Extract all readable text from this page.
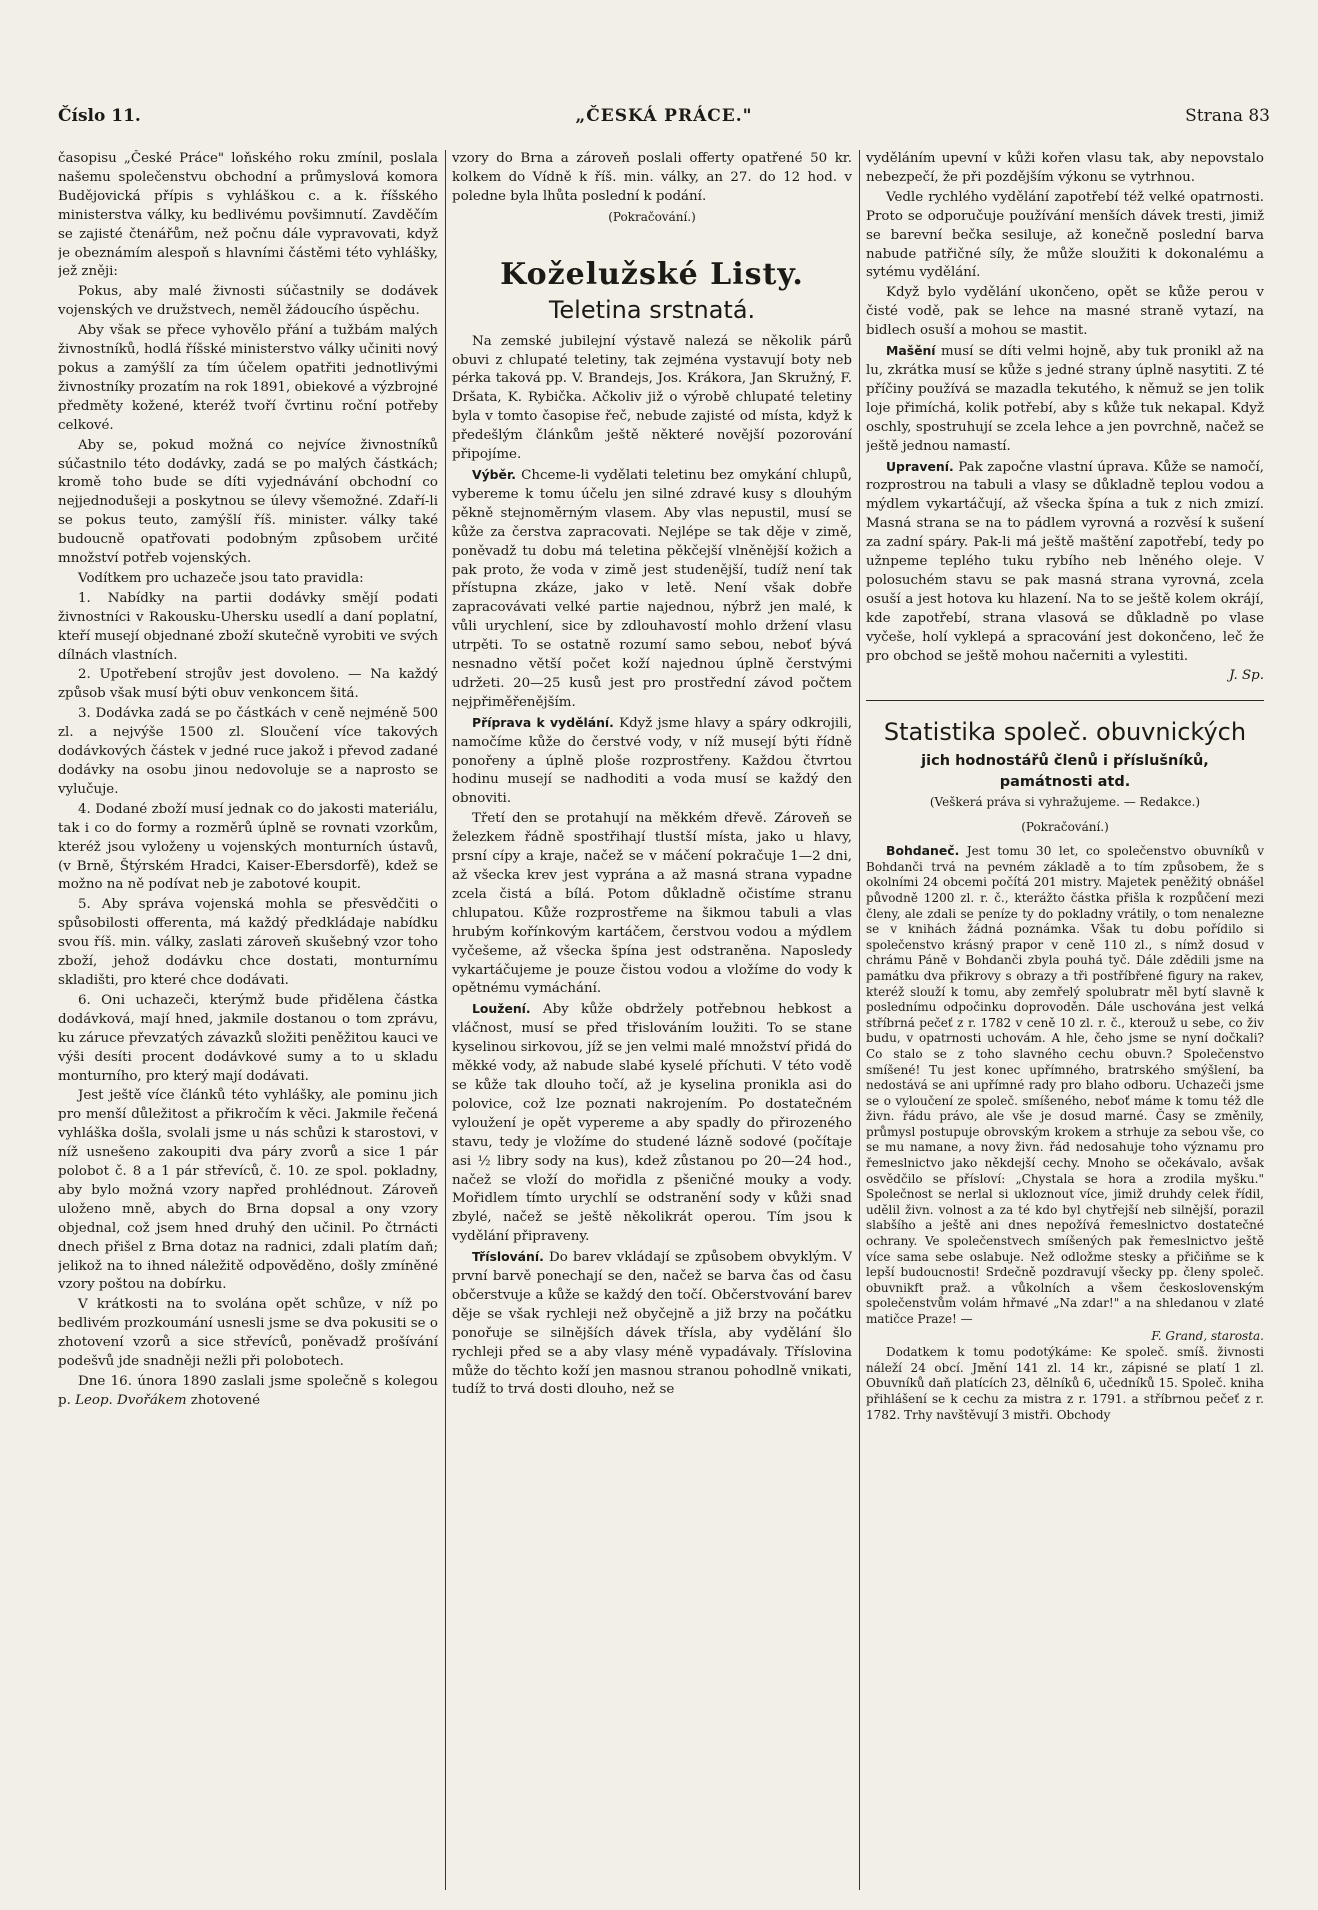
Číslo 11.	„ČESKÁ PRÁCE."	Strana 83

časopisu „České Práce" loňského roku zmínil, poslala našemu společenstvu obchodní a průmyslová komora Budějovická přípis s vyhláškou c. a k. říšského ministerstva války, ku bedlivému povšimnutí. Zavděčím se zajisté čtenářům, než počnu dále vypravovati, když je obeznámím alespoň s hlavními částěmi této vyhlášky, jež zněji:

Pokus, aby malé živnosti súčastnily se dodávek vojenských ve družstvech, neměl žádoucího úspěchu.

Aby však se přece vyhovělo přání a tužbám malých živnostníků, hodlá říšské ministerstvo války učiniti nový pokus a zamýšlí za tím účelem opatřiti jednotlivými živnostníky prozatím na rok 1891, obiekové a výzbrojné předměty kožené, kteréž tvoří čvrtinu roční potřeby celkové.

Aby se, pokud možná co nejvíce živnostníků súčastnilo této dodávky, zadá se po malých částkách; kromě toho bude se díti vyjednávání obchodní co nejjednodušeji a poskytnou se úlevy všemožné. Zdaří-li se pokus teuto, zamýšlí říš. minister. války také budoucně opatřovati podobným způsobem určité množství potřeb vojenských.

Vodítkem pro uchazeče jsou tato pravidla:

1. Nabídky na partii dodávky smějí podati živnostníci v Rakousku-Uhersku usedlí a daní poplatní, kteří musejí objednané zboží skutečně vyrobiti ve svých dílnách vlastních.

2. Upotřebení strojův jest dovoleno. — Na každý způsob však musí býti obuv venkoncem šitá.

3. Dodávka zadá se po částkách v ceně nejméně 500 zl. a nejvýše 1500 zl. Sloučení více takových dodávkových částek v jedné ruce jakož i převod zadané dodávky na osobu jinou nedovoluje se a naprosto se vylučuje.

4. Dodané zboží musí jednak co do jakosti materiálu, tak i co do formy a rozměrů úplně se rovnati vzorkům, kteréž jsou vyloženy u vojenských monturních ústavů, (v Brně, Štýrském Hradci, Kaiser-Ebersdorfě), kdež se možno na ně podívat neb je zabotové koupit.

5. Aby správa vojenská mohla se přesvědčiti o spůsobilosti offerenta, má každý předkládaje nabídku svou říš. min. války, zaslati zároveň skušebný vzor toho zboží, jehož dodávku chce dostati, monturnímu skladišti, pro které chce dodávati.

6. Oni uchazeči, kterýmž bude přidělena částka dodávková, mají hned, jakmile dostanou o tom zprávu, ku záruce převzatých závazků složiti peněžitou kauci ve výši desíti procent dodávkové sumy a to u skladu monturního, pro který mají dodávati.

Jest ještě více článků této vyhlášky, ale pominu jich pro menší důležitost a přikročím k věci. Jakmile řečená vyhláška došla, svolali jsme u nás schůzi k starostovi, v níž usnešeno zakoupiti dva páry zvorů a sice 1 pár polobot č. 8 a 1 pár střevíců, č. 10. ze spol. pokladny, aby bylo možná vzory napřed prohlédnout. Zároveň uloženo mně, abych do Brna dopsal a ony vzory objednal, což jsem hned druhý den učinil. Po čtrnácti dnech přišel z Brna dotaz na radnici, zdali platím daň; jelikož na to ihned náležitě odpověděno, došly zmíněné vzory poštou na dobírku.

V krátkosti na to svolána opět schůze, v níž po bedlivém prozkoumání usnesli jsme se dva pokusiti se o zhotovení vzorů a sice střevíců, poněvadž prošívání podešvů jde snadněji nežli při polobotech.

Dne 16. února 1890 zaslali jsme společně s kolegou p. Leop. Dvořákem zhotovené

vzory do Brna a zároveň poslali offerty opatřené 50 kr. kolkem do Vídně k říš. min. války, an 27. do 12 hod. v poledne byla lhůta poslední k podání.

(Pokračování.)

Koželužské Listy.
Teletina srstnatá.

Na zemské jubilejní výstavě nalezá se několik párů obuvi z chlupaté teletiny, tak zejména vystavují boty neb pérka taková pp. V. Brandejs, Jos. Krákora, Jan Skružný, F. Dršata, K. Rybička. Ačkoliv již o výrobě chlupaté teletiny byla v tomto časopise řeč, nebude zajisté od místa, když k předešlým článkům ještě některé novější pozorování připojíme.

Výběr. Chceme-li vydělati teletinu bez omykání chlupů, vybereme k tomu účelu jen silné zdravé kusy s dlouhým pěkně stejnoměrným vlasem. Aby vlas nepustil, musí se kůže za čerstva zapracovati. Nejlépe se tak děje v zimě, poněvadž tu dobu má teletina pěkčejší vlněnější kožich a pak proto, že voda v zimě jest studenější, tudíž není tak přístupna zkáze, jako v letě. Není však dobře zapracovávati velké partie najednou, nýbrž jen malé, k vůli urychlení, sice by zdlouhavostí mohlo držení vlasu utrpěti. To se ostatně rozumí samo sebou, neboť bývá nesnadno větší počet koží najednou úplně čerstvými udržeti. 20—25 kusů jest pro prostřední závod počtem nejpřiměřenějším.

Příprava k vydělání. Když jsme hlavy a spáry odkrojili, namočíme kůže do čerstvé vody, v níž musejí býti řídně ponořeny a úplně ploše rozprostřeny. Každou čtvrtou hodinu musejí se nadhoditi a voda musí se každý den obnoviti.

Třetí den se protahují na měkkém dřevě. Zároveň se železkem řádně spostřihají tlustší místa, jako u hlavy, prsní cípy a kraje, načež se v máčení pokračuje 1—2 dni, až všecka krev jest vyprána a až masná strana vypadne zcela čistá a bílá. Potom důkladně očistíme stranu chlupatou. Kůže rozprostřeme na šikmou tabuli a vlas hrubým kořínkovým kartáčem, čerstvou vodou a mýdlem vyčešeme, až všecka špína jest odstraněna. Naposledy vykartáčujeme je pouze čistou vodou a vložíme do vody k opětnému vymáchání.

Loužení. Aby kůže obdržely potřebnou hebkost a vláčnost, musí se před třislováním loužiti. To se stane kyselinou sirkovou, jíž se jen velmi malé množství přidá do měkké vody, až nabude slabé kyselé příchuti. V této vodě se kůže tak dlouho točí, až je kyselina pronikla asi do polovice, což lze poznati nakrojením. Po dostatečném vyloužení je opět vypereme a aby spadly do přirozeného stavu, tedy je vložíme do studené lázně sodové (počítaje asi ½ libry sody na kus), kdež zůstanou po 20—24 hod., načež se vloží do mořidla z pšeničné mouky a vody. Mořidlem tímto urychlí se odstranění sody v kůži snad zbylé, načež se ještě několikrát operou. Tím jsou k vydělání připraveny.

Tříslování. Do barev vkládají se způsobem obvyklým. V první barvě ponechají se den, načež se barva čas od času občerstvuje a kůže se každý den točí. Občerstvování barev děje se však rychleji než obyčejně a již brzy na počátku ponořuje se silnějších dávek třísla, aby vydělání šlo rychleji před se a aby vlasy méně vypadávaly. Tříslovina může do těchto koží jen masnou stranou pohodlně vnikati, tudíž to trvá dosti dlouho, než se

vyděláním upevní v kůži kořen vlasu tak, aby nepovstalo nebezpečí, že při pozdějším výkonu se vytrhnou.

Vedle rychlého vydělání zapotřebí též velké opatrnosti. Proto se odporučuje používání menších dávek tresti, jimiž se barevní bečka sesiluje, až konečně poslední barva nabude patřičné síly, že může sloužiti k dokonalému a sytému vydělání.

Když bylo vydělání ukončeno, opět se kůže perou v čisté vodě, pak se lehce na masné straně vytazí, na bidlech osuší a mohou se mastit.

Mašění musí se díti velmi hojně, aby tuk pronikl až na lu, zkrátka musí se kůže s jedné strany úplně nasytiti. Z té příčiny používá se mazadla tekutého, k němuž se jen tolik loje přimíchá, kolik potřebí, aby s kůže tuk nekapal. Když oschly, spostruhují se zcela lehce a jen povrchně, načež se ještě jednou namastí.

Upravení. Pak započne vlastní úprava. Kůže se namočí, rozprostrou na tabuli a vlasy se důkladně teplou vodou a mýdlem vykartáčují, až všecka špína a tuk z nich zmizí. Masná strana se na to pádlem vyrovná a rozvěsí k sušení za zadní spáry. Pak-li má ještě maštění zapotřebí, tedy po užnpeme teplého tuku rybího neb lněného oleje. V polosuchém stavu se pak masná strana vyrovná, zcela osuší a jest hotova ku hlazení. Na to se ještě kolem okrájí, kde zapotřebí, strana vlasová se důkladně po vlase vyčeše, holí vyklepá a spracování jest dokončeno, leč že pro obchod se ještě mohou načerniti a vylestiti.

J. Sp.

Statistika společ. obuvnických
jich hodnostářů členů i příslušníků,
památnosti atd.

(Veškerá práva si vyhražujeme. — Redakce.)

(Pokračování.)

Bohdaneč. Jest tomu 30 let, co společenstvo obuvníků v Bohdanči trvá na pevném základě a to tím způsobem, že s okolními 24 obcemi počítá 201 mistry. Majetek peněžitý obnášel původně 1200 zl. r. č., kterážto částka přišla k rozpůčení mezi členy, ale zdali se peníze ty do pokladny vrátily, o tom nenalezne se v knihách žádná poznámka. Však tu dobu pořídilo si společenstvo krásný prapor v ceně 110 zl., s nímž dosud v chrámu Páně v Bohdanči zbyla pouhá tyč. Dále zdědili jsme na památku dva přikrovy s obrazy a tři postříbřené figury na rakev, kteréž slouží k tomu, aby zemřelý spolubratr měl bytí slavně k poslednímu odpočinku doprovoděn. Dále uschována jest velká stříbrná pečeť z r. 1782 v ceně 10 zl. r. č., kterouž u sebe, co živ budu, v opatrnosti uchovám. A hle, čeho jsme se nyní dočkali? Co stalo se z toho slavného cechu obuvn.? Společenstvo smíšené! Tu jest konec upřímného, bratrského smýšlení, ba nedostává se ani upřímné rady pro blaho odboru. Uchazeči jsme se o vyloučení ze společ. smíšeného, neboť máme k tomu též dle živn. řádu právo, ale vše je dosud marné. Časy se změnily, průmysl postupuje obrovským krokem a strhuje za sebou vše, co se mu namane, a novy živn. řád nedosahuje toho významu pro řemeslnictvo jako někdejší cechy. Mnoho se očekávalo, avšak osvědčilo se přísloví: „Chystala se hora a zrodila myšku." Společnost se nerlal si ukloznout více, jimiž druhdy celek řídil, udělil živn. volnost a za té kdo byl chytřejší neb silnější, porazil slabšího a ještě ani dnes nepožívá řemeslnictvo dostatečné ochrany. Ve společenstvech smíšených pak řemeslnictvo ještě více sama sebe oslabuje. Než odložme stesky a přičiňme se k lepší budoucnosti! Srdečně pozdravují všecky pp. členy společ. obuvnikft praž. a vůkolních a všem československým společenstvům volám hřmavé „Na zdar!" a na shledanou v zlaté matičce Praze! —

F. Grand, starosta.

Dodatkem k tomu podotýkáme: Ke společ. smíš. živnosti náleží 24 obcí. Jmění 141 zl. 14 kr., zápisné se platí 1 zl. Obuvníků daň platících 23, dělníků 6, učedníků 15. Společ. kniha přihlášení se k cechu za mistra z r. 1791. a stříbrnou pečeť z r. 1782. Trhy navštěvují 3 mistři. Obchody
